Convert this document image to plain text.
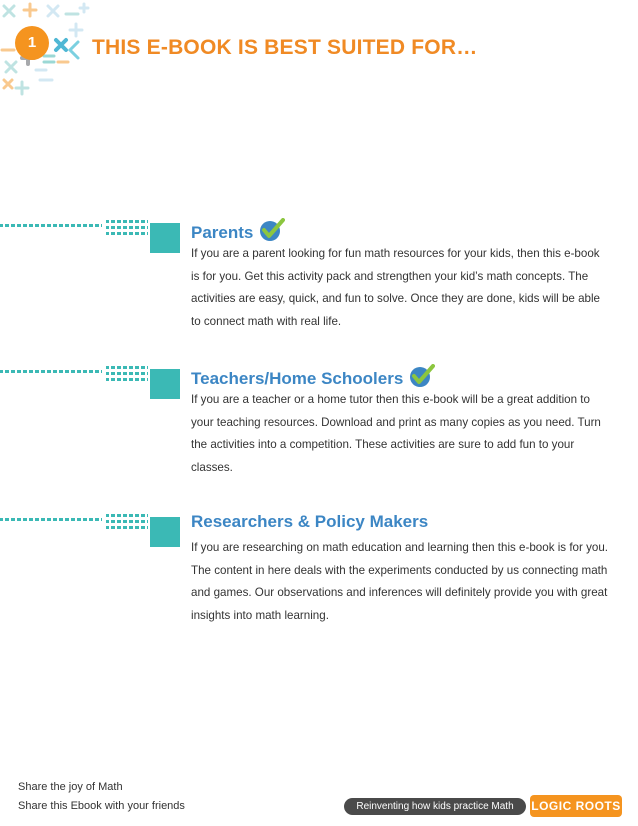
1	THIS E-BOOK IS BEST SUITED FOR…
Parents

If you are a parent looking for fun math resources for your kids, then this e-book is for you. Get this activity pack and strengthen your kid’s math concepts. The activities are easy, quick, and fun to solve. Once they are done, kids will be able to connect math with real life.

Teachers/Home Schoolers

If you are a teacher or a home tutor then this e-book will be a great addition to your teaching resources. Download and print as many copies as you need. Turn the activities into a competition. These activities are sure to add fun to your classes.

Researchers & Policy Makers

If you are researching on math education and learning then this e-book is for you. The content in here deals with the experiments conducted by us connecting math and games. Our observations and inferences will definitely provide you with great insights into math learning.

Share the joy of Math
Share this Ebook with your friends	Reinventing how kids practice Math	LOGIC ROOTS
